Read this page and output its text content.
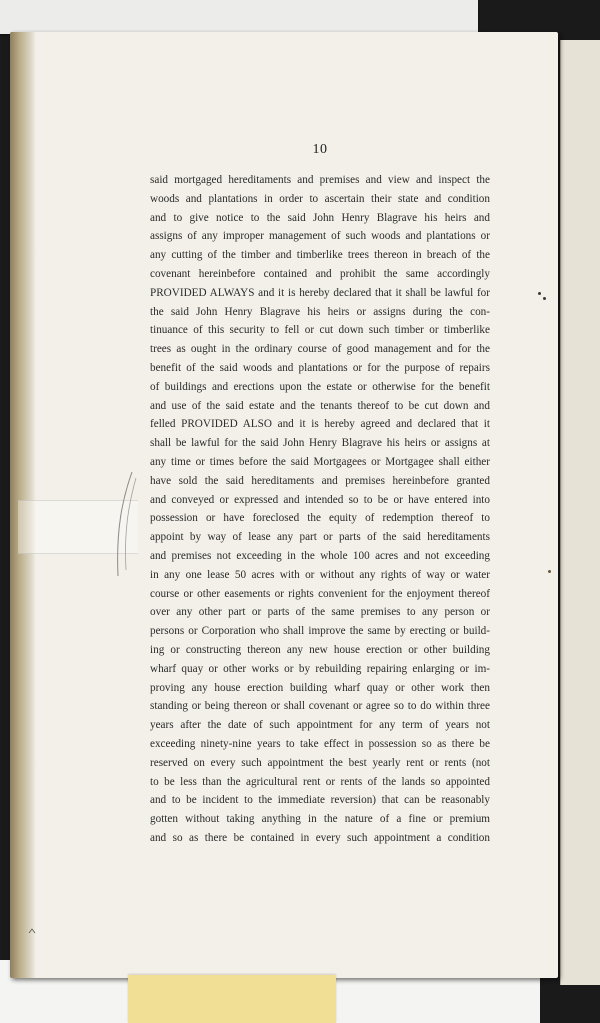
10
said mortgaged hereditaments and premises and view and inspect the
woods and plantations in order to ascertain their state and condition
and to give notice to the said John Henry Blagrave his heirs and
assigns of any improper management of such woods and plantations or
any cutting of the timber and timberlike trees thereon in breach of the
covenant hereinbefore contained and prohibit the same accordingly
PROVIDED ALWAYS and it is hereby declared that it shall be lawful for
the said John Henry Blagrave his heirs or assigns during the con-
tinuance of this security to fell or cut down such timber or timberlike
trees as ought in the ordinary course of good management and for the
benefit of the said woods and plantations or for the purpose of repairs
of buildings and erections upon the estate or otherwise for the benefit
and use of the said estate and the tenants thereof to be cut down and
felled PROVIDED ALSO and it is hereby agreed and declared that it
shall be lawful for the said John Henry Blagrave his heirs or assigns at
any time or times before the said Mortgagees or Mortgagee shall either
have sold the said hereditaments and premises hereinbefore granted
and conveyed or expressed and intended so to be or have entered into
possession or have foreclosed the equity of redemption thereof to
appoint by way of lease any part or parts of the said hereditaments
and premises not exceeding in the whole 100 acres and not exceeding
in any one lease 50 acres with or without any rights of way or water
course or other easements or rights convenient for the enjoyment thereof
over any other part or parts of the same premises to any person or
persons or Corporation who shall improve the same by erecting or build-
ing or constructing thereon any new house erection or other building
wharf quay or other works or by rebuilding repairing enlarging or im-
proving any house erection building wharf quay or other work then
standing or being thereon or shall covenant or agree so to do within three
years after the date of such appointment for any term of years not
exceeding ninety-nine years to take effect in possession so as there be
reserved on every such appointment the best yearly rent or rents (not
to be less than the agricultural rent or rents of the lands so appointed
and to be incident to the immediate reversion) that can be reasonably
gotten without taking anything in the nature of a fine or premium
and so as there be contained in every such appointment a condition
